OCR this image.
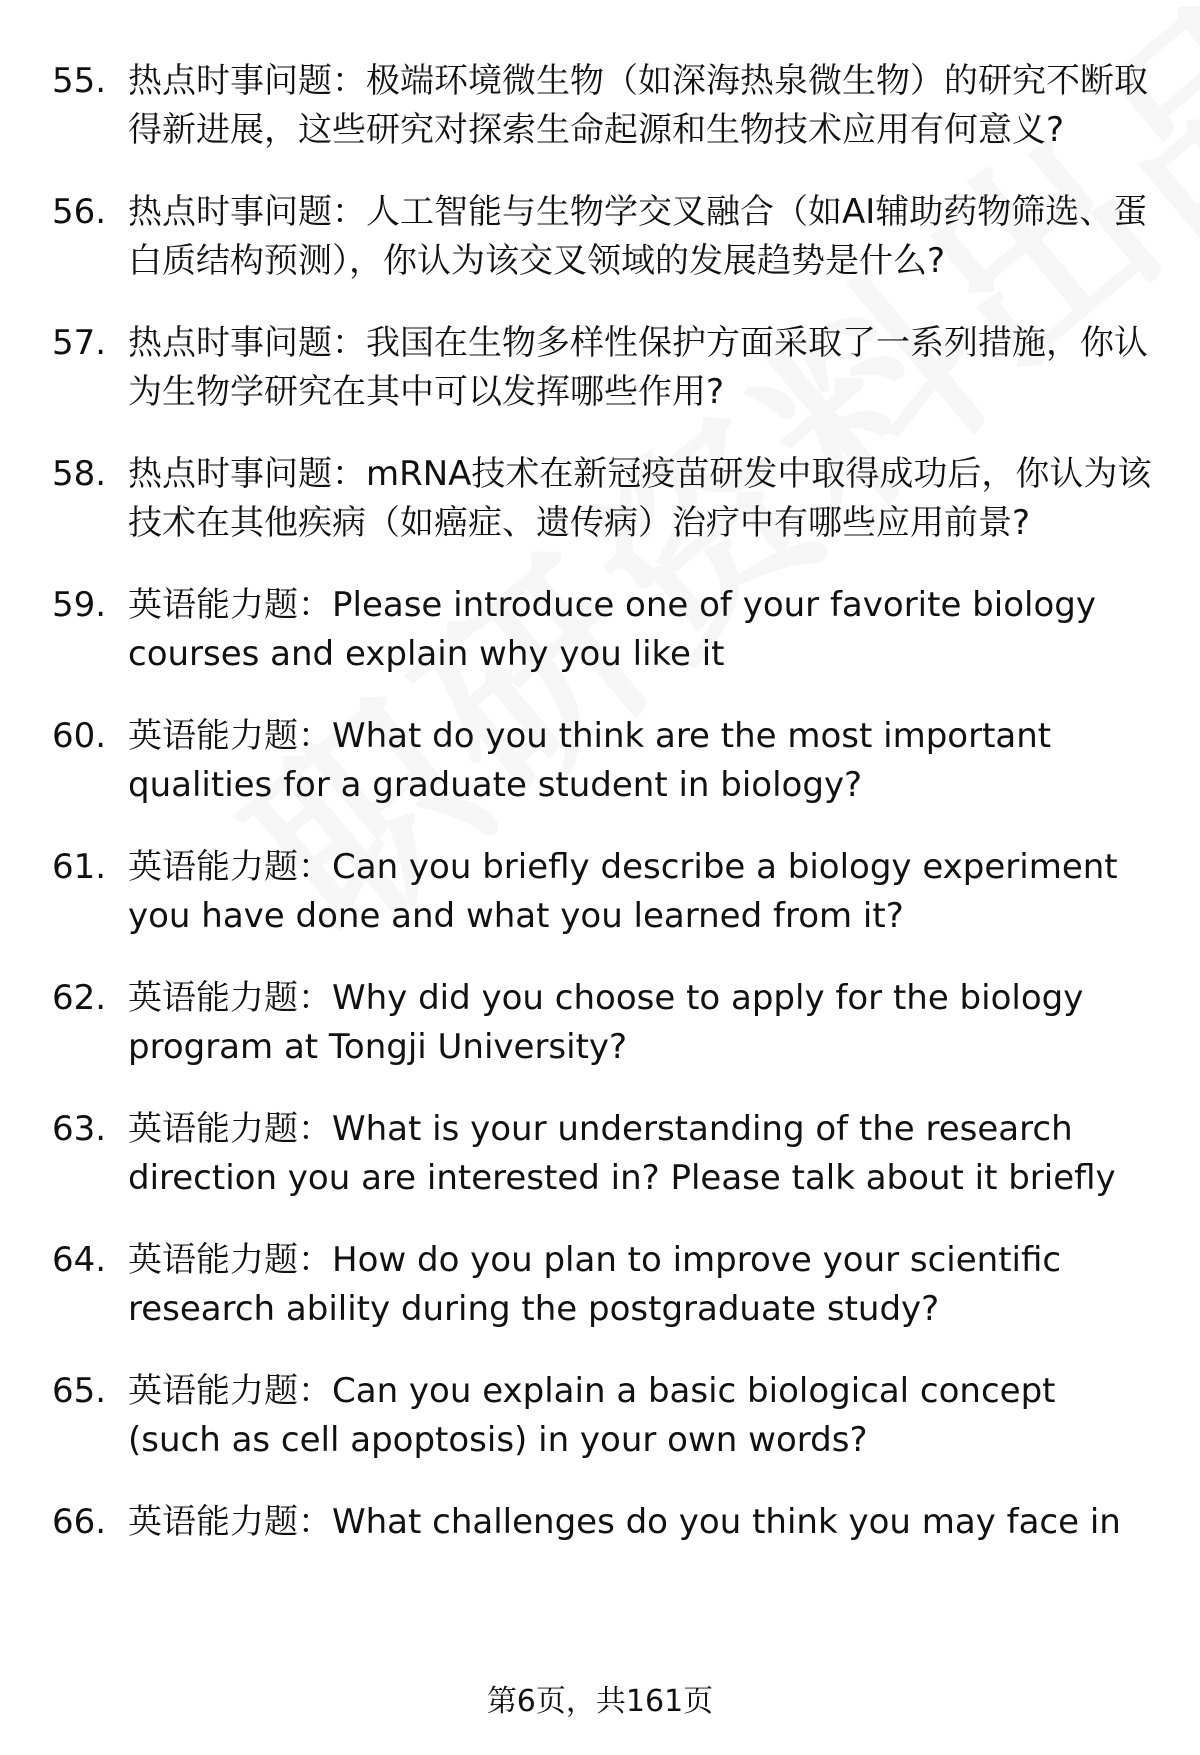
55. 热点时事问题：极端环境微生物（如深海热泉微生物）的研究不断取得新进展，这些研究对探索生命起源和生物技术应用有何意义?
56. 热点时事问题：人工智能与生物学交叉融合（如AI辅助药物筛选、蛋白质结构预测），你认为该交叉领域的发展趋势是什么?
57. 热点时事问题：我国在生物多样性保护方面采取了一系列措施，你认为生物学研究在其中可以发挥哪些作用?
58. 热点时事问题：mRNA技术在新冠疫苗研发中取得成功后，你认为该技术在其他疾病（如癌症、遗传病）治疗中有哪些应用前景?
59. 英语能力题：Please introduce one of your favorite biology courses and explain why you like it
60. 英语能力题：What do you think are the most important qualities for a graduate student in biology?
61. 英语能力题：Can you briefly describe a biology experiment you have done and what you learned from it?
62. 英语能力题：Why did you choose to apply for the biology program at Tongji University?
63. 英语能力题：What is your understanding of the research direction you are interested in? Please talk about it briefly
64. 英语能力题：How do you plan to improve your scientific research ability during the postgraduate study?
65. 英语能力题：Can you explain a basic biological concept (such as cell apoptosis) in your own words?
66. 英语能力题：What challenges do you think you may face in
第6页，共161页
